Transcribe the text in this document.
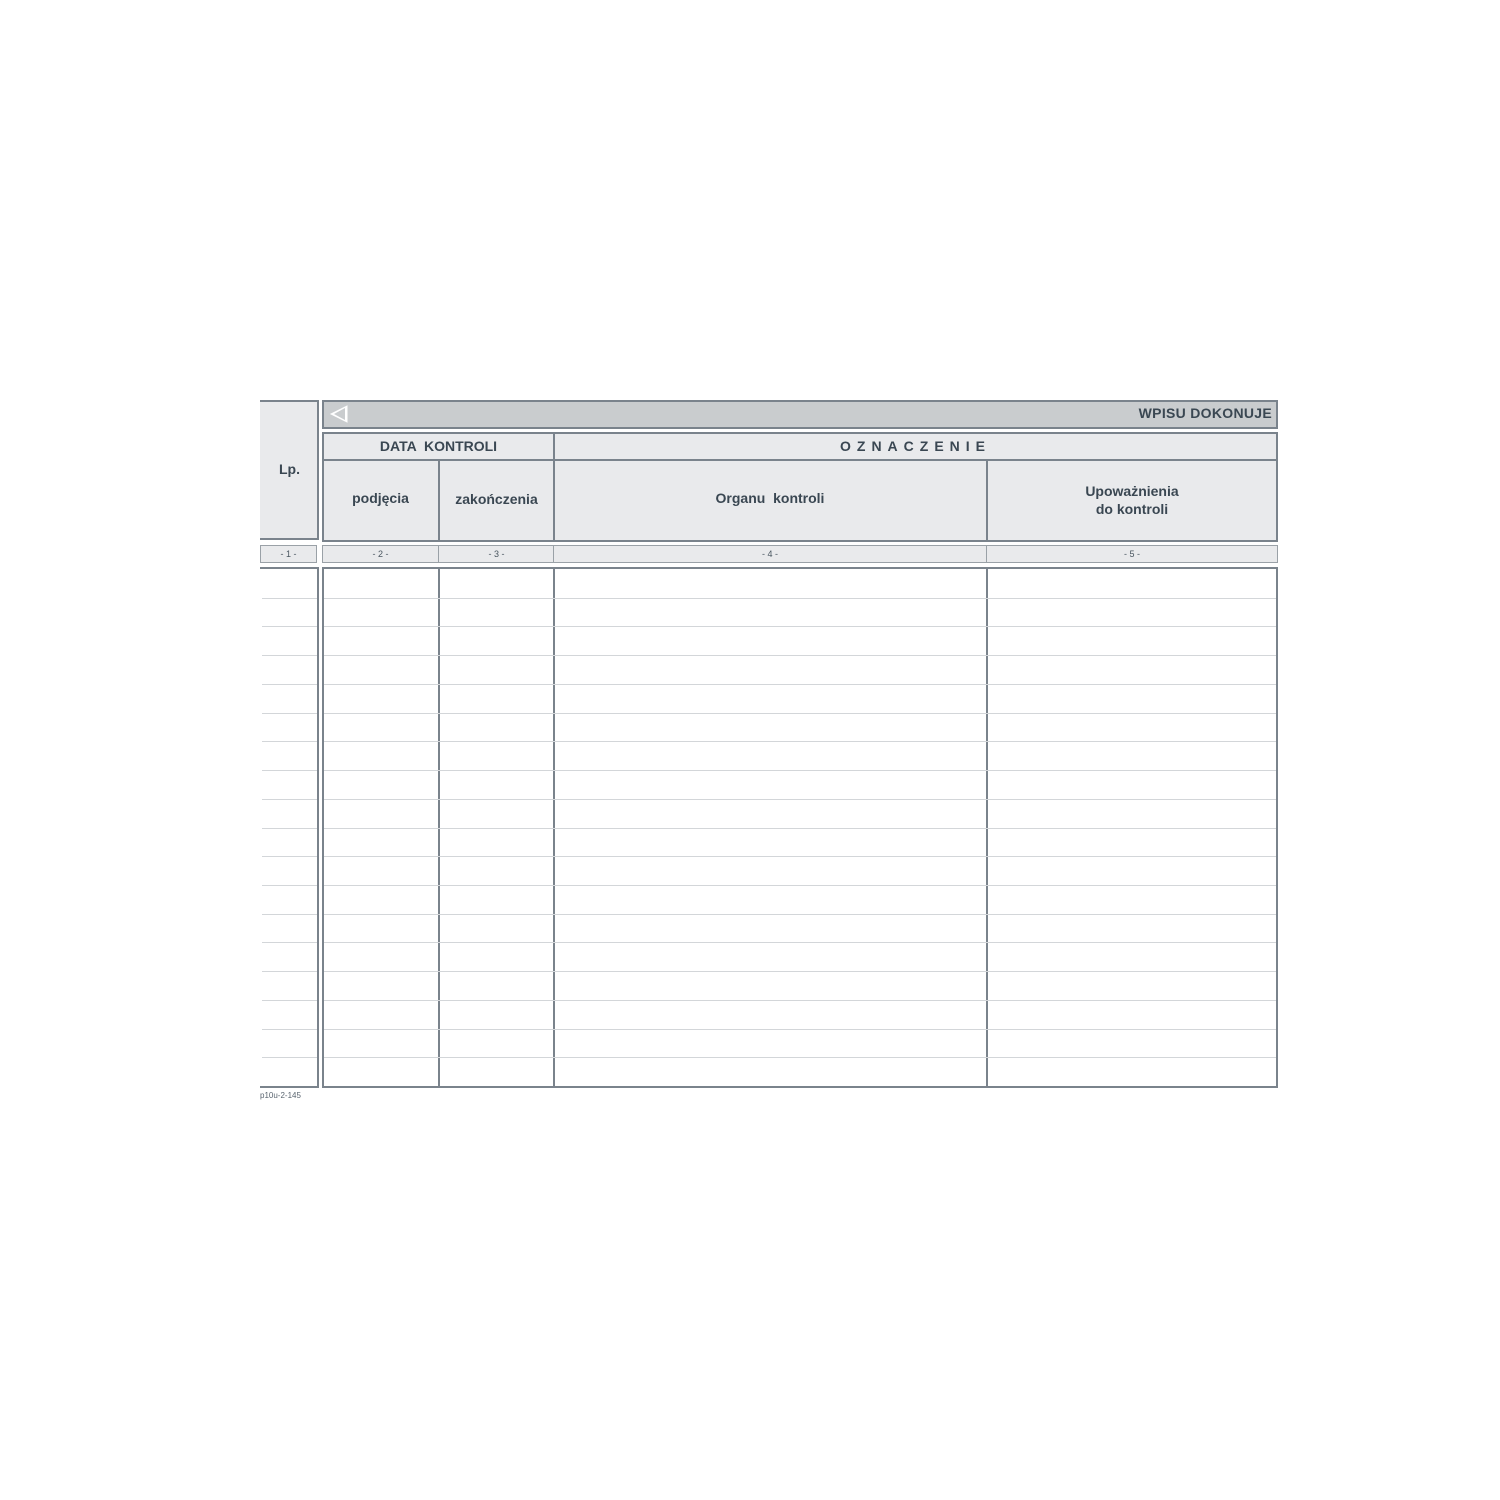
Lp.
WPISU DOKONUJE
DATA  KONTROLI	OZNACZENIE
podjęcia	zakończenia	Organu  kontroli	Upoważnienia
do kontroli
- 1 -	- 2 -	- 3 -	- 4 -	- 5 -
p10u-2-145
